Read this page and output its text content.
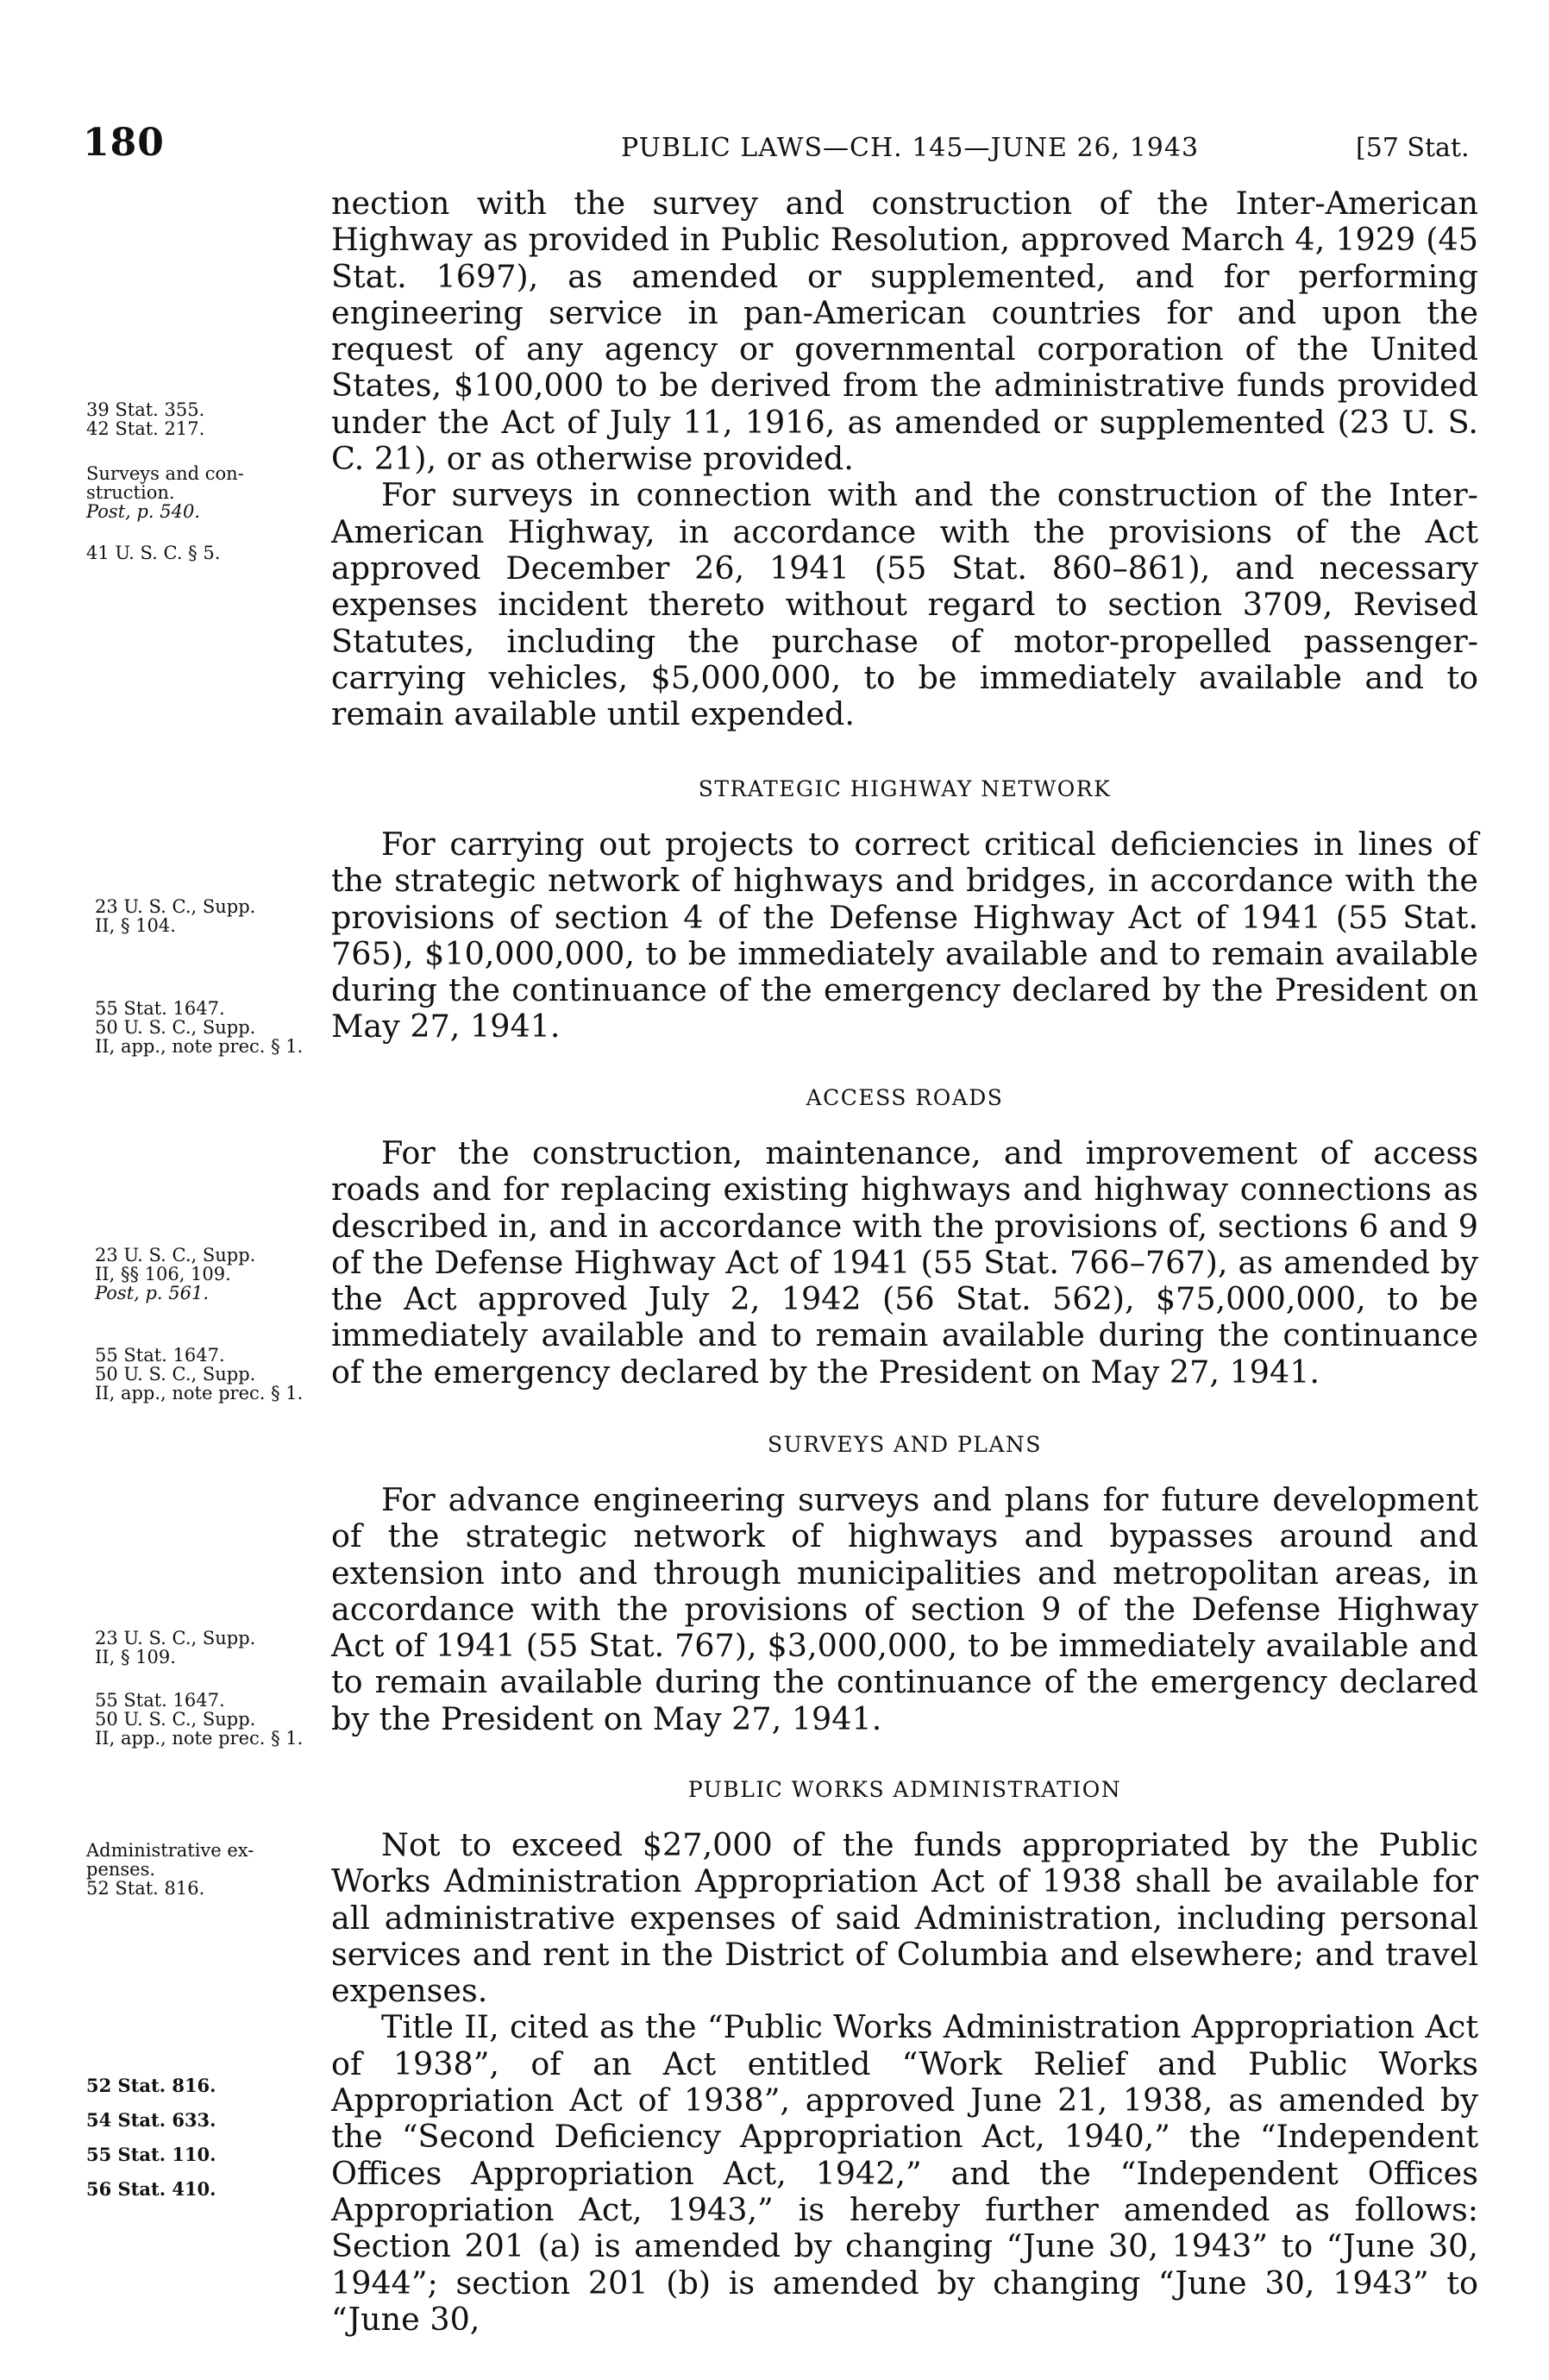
180	PUBLIC LAWS—CH. 145—JUNE 26, 1943	[57 Stat.

nection with the survey and construction of the Inter-American Highway as provided in Public Resolution, approved March 4, 1929 (45 Stat. 1697), as amended or supplemented, and for performing engineering service in pan-American countries for and upon the request of any agency or governmental corporation of the United States, $100,000 to be derived from the administrative funds provided under the Act of July 11, 1916, as amended or supplemented (23 U. S. C. 21), or as otherwise provided.

For surveys in connection with and the construction of the Inter-American Highway, in accordance with the provisions of the Act approved December 26, 1941 (55 Stat. 860–861), and necessary expenses incident thereto without regard to section 3709, Revised Statutes, including the purchase of motor-propelled passenger-carrying vehicles, $5,000,000, to be immediately available and to remain available until expended.

STRATEGIC HIGHWAY NETWORK

For carrying out projects to correct critical deficiencies in lines of the strategic network of highways and bridges, in accordance with the provisions of section 4 of the Defense Highway Act of 1941 (55 Stat. 765), $10,000,000, to be immediately available and to remain available during the continuance of the emergency declared by the President on May 27, 1941.

ACCESS ROADS

For the construction, maintenance, and improvement of access roads and for replacing existing highways and highway connections as described in, and in accordance with the provisions of, sections 6 and 9 of the Defense Highway Act of 1941 (55 Stat. 766–767), as amended by the Act approved July 2, 1942 (56 Stat. 562), $75,000,000, to be immediately available and to remain available during the continuance of the emergency declared by the President on May 27, 1941.

SURVEYS AND PLANS

For advance engineering surveys and plans for future development of the strategic network of highways and bypasses around and extension into and through municipalities and metropolitan areas, in accordance with the provisions of section 9 of the Defense Highway Act of 1941 (55 Stat. 767), $3,000,000, to be immediately available and to remain available during the continuance of the emergency declared by the President on May 27, 1941.

PUBLIC WORKS ADMINISTRATION

Not to exceed $27,000 of the funds appropriated by the Public Works Administration Appropriation Act of 1938 shall be available for all administrative expenses of said Administration, including personal services and rent in the District of Columbia and elsewhere; and travel expenses.

Title II, cited as the “Public Works Administration Appropriation Act of 1938”, of an Act entitled “Work Relief and Public Works Appropriation Act of 1938”, approved June 21, 1938, as amended by the “Second Deficiency Appropriation Act, 1940,” the “Independent Offices Appropriation Act, 1942,” and the “Independent Offices Appropriation Act, 1943,” is hereby further amended as follows: Section 201 (a) is amended by changing “June 30, 1943” to “June 30, 1944”; section 201 (b) is amended by changing “June 30, 1943” to “June 30,

39 Stat. 355.
42 Stat. 217.
Surveys and con-
struction.
Post, p. 540.
41 U. S. C. § 5.
23 U. S. C., Supp.
II, § 104.
55 Stat. 1647.
50 U. S. C., Supp.
II, app., note prec. § 1.
23 U. S. C., Supp.
II, §§ 106, 109.
Post, p. 561.
55 Stat. 1647.
50 U. S. C., Supp.
II, app., note prec. § 1.
23 U. S. C., Supp.
II, § 109.
55 Stat. 1647.
50 U. S. C., Supp.
II, app., note prec. § 1.
Administrative ex-
penses.
52 Stat. 816.
52 Stat. 816.
54 Stat. 633.
55 Stat. 110.
56 Stat. 410.
